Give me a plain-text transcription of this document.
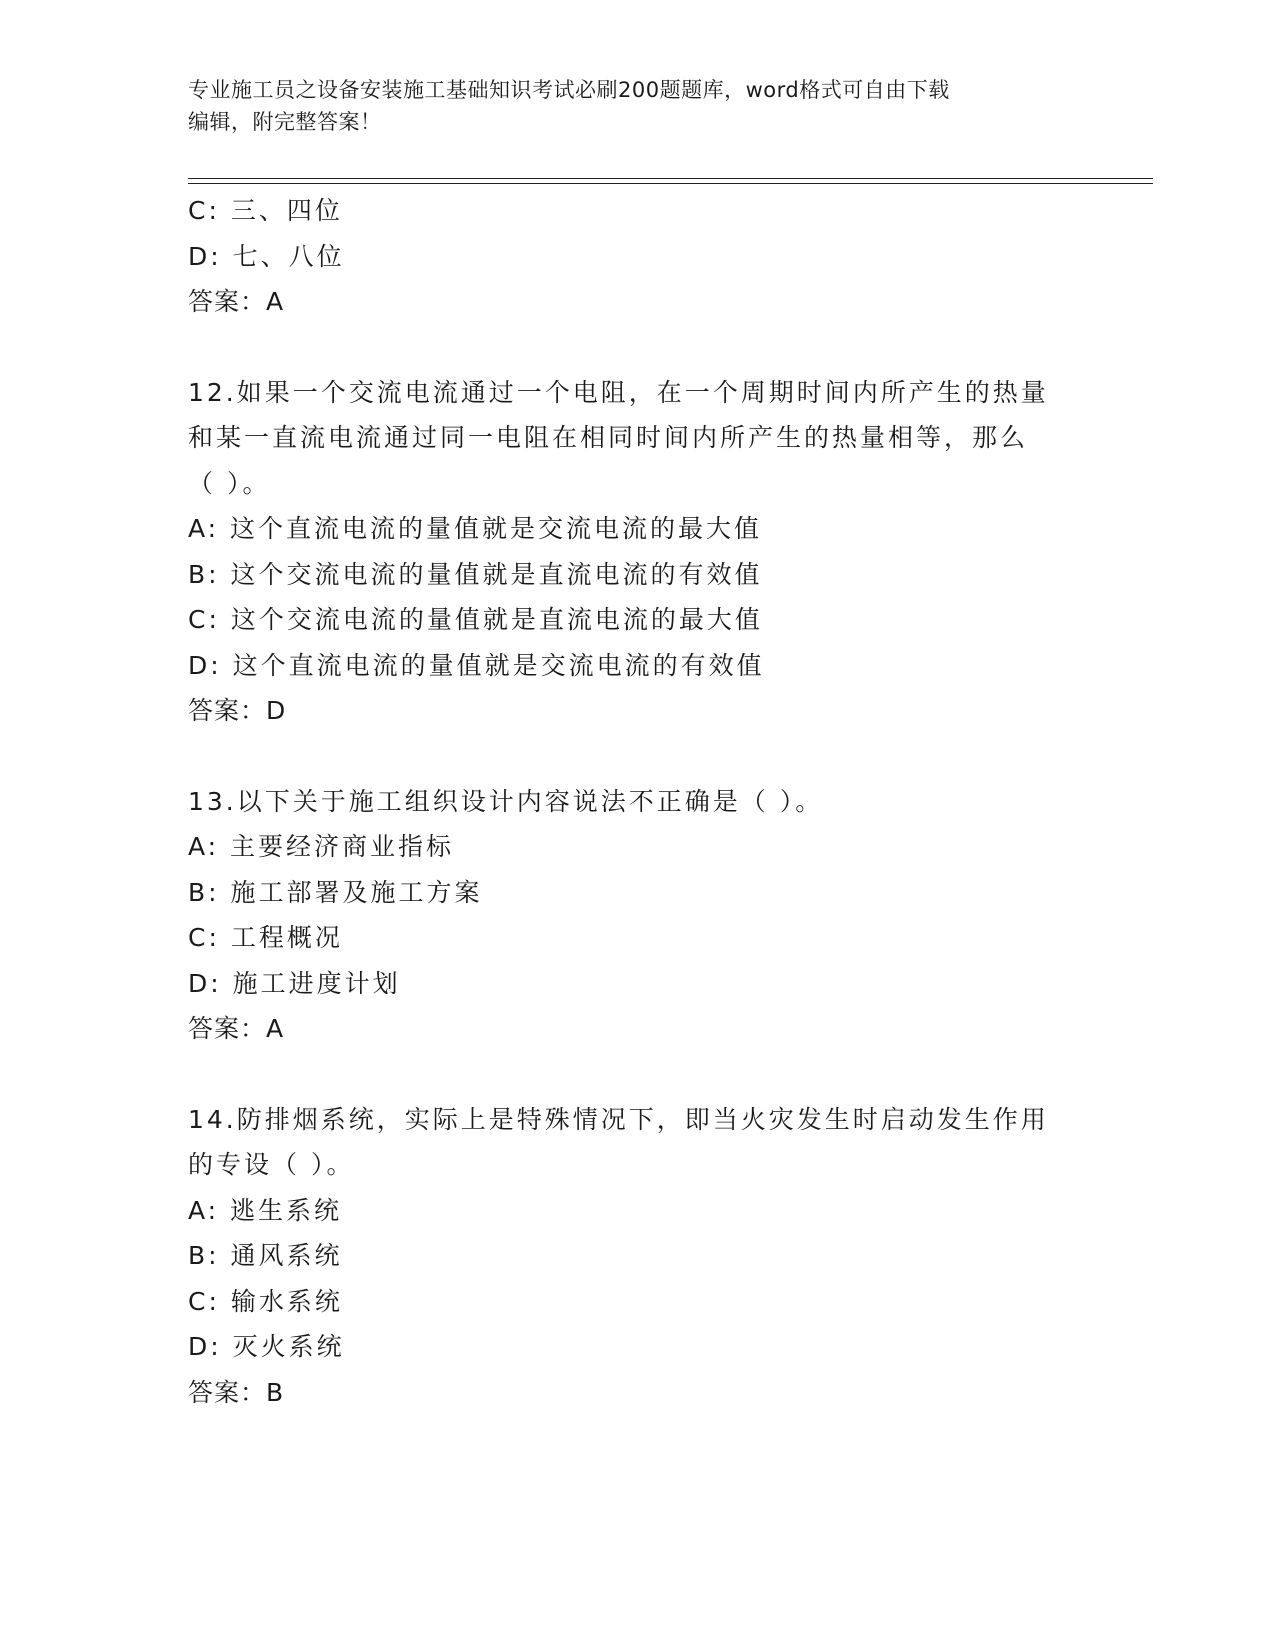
专业施工员之设备安装施工基础知识考试必刷200题题库，word格式可自由下载
编辑，附完整答案！
C: 三、四位
D: 七、八位
答案：A
12.如果一个交流电流通过一个电阻，在一个周期时间内所产生的热量
和某一直流电流通过同一电阻在相同时间内所产生的热量相等，那么
（ ）。
A: 这个直流电流的量值就是交流电流的最大值
B: 这个交流电流的量值就是直流电流的有效值
C: 这个交流电流的量值就是直流电流的最大值
D: 这个直流电流的量值就是交流电流的有效值
答案：D
13.以下关于施工组织设计内容说法不正确是（ ）。
A: 主要经济商业指标
B: 施工部署及施工方案
C: 工程概况
D: 施工进度计划
答案：A
14.防排烟系统，实际上是特殊情况下，即当火灾发生时启动发生作用
的专设（ ）。
A: 逃生系统
B: 通风系统
C: 输水系统
D: 灭火系统
答案：B
